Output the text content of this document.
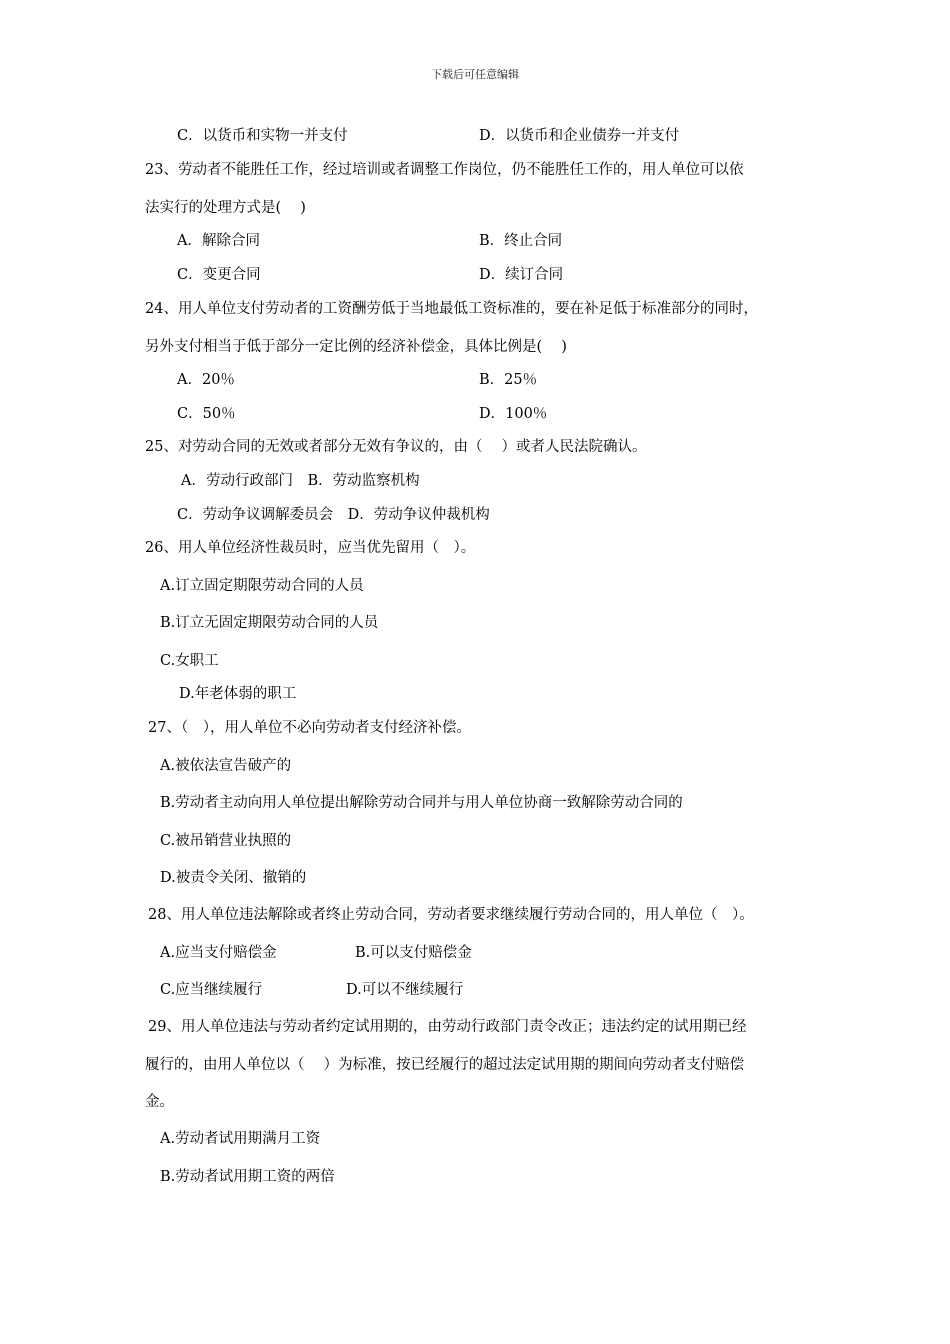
下载后可任意编辑
C．以货币和实物一并支付	D．以货币和企业债券一并支付
23、劳动者不能胜任工作，经过培训或者调整工作岗位，仍不能胜任工作的，用人单位可以依
法实行的处理方式是(　 )
A．解除合同	B．终止合同
C．变更合同	D．续订合同
24、用人单位支付劳动者的工资酬劳低于当地最低工资标准的，要在补足低于标准部分的同时，
另外支付相当于低于部分一定比例的经济补偿金，具体比例是(　 )
A．20％	B．25％
C．50％	D．100％
25、对劳动合同的无效或者部分无效有争议的，由（　 ）或者人民法院确认。
A．劳动行政部门　B．劳动监察机构
C．劳动争议调解委员会　D．劳动争议仲裁机构
26、用人单位经济性裁员时，应当优先留用（　）。
A.订立固定期限劳动合同的人员
B.订立无固定期限劳动合同的人员
C.女职工
D.年老体弱的职工
27、（　），用人单位不必向劳动者支付经济补偿。
A.被依法宣告破产的
B.劳动者主动向用人单位提出解除劳动合同并与用人单位协商一致解除劳动合同的
C.被吊销营业执照的
D.被责令关闭、撤销的
28、用人单位违法解除或者终止劳动合同，劳动者要求继续履行劳动合同的，用人单位（　）。
A.应当支付赔偿金	B.可以支付赔偿金
C.应当继续履行	D.可以不继续履行
29、用人单位违法与劳动者约定试用期的，由劳动行政部门责令改正；违法约定的试用期已经
履行的，由用人单位以（　 ）为标准，按已经履行的超过法定试用期的期间向劳动者支付赔偿
金。
A.劳动者试用期满月工资
B.劳动者试用期工资的两倍
